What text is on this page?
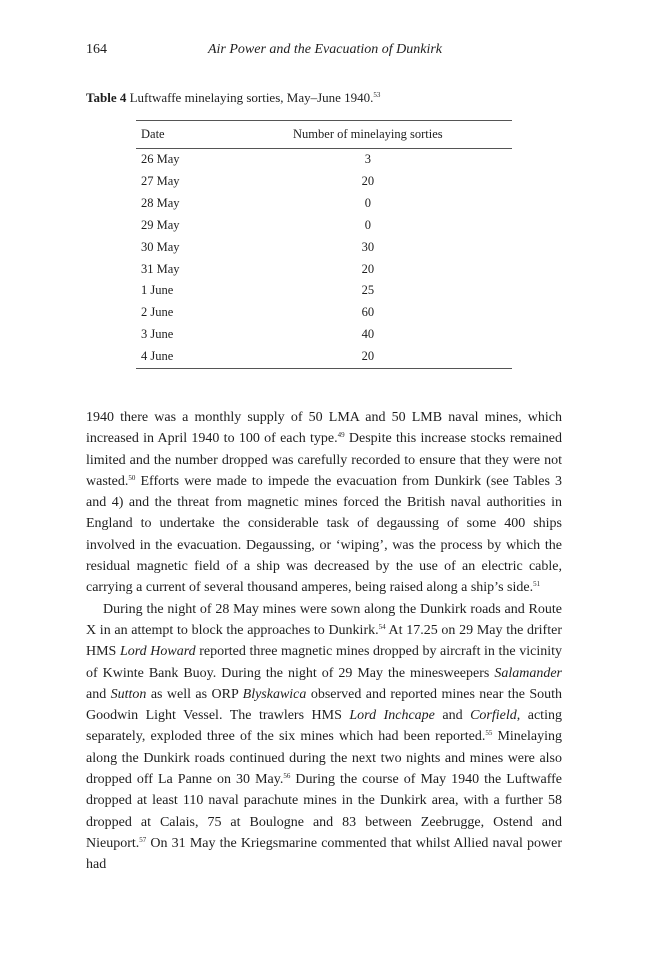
164	Air Power and the Evacuation of Dunkirk
Table 4 Luftwaffe minelaying sorties, May–June 1940.53
Date	Number of minelaying sorties
26 May	3
27 May	20
28 May	0
29 May	0
30 May	30
31 May	20
1 June	25
2 June	60
3 June	40
4 June	20

1940 there was a monthly supply of 50 LMA and 50 LMB naval mines, which increased in April 1940 to 100 of each type.$^{49}$ Despite this increase stocks remained limited and the number dropped was carefully recorded to ensure that they were not wasted.$^{50}$ Efforts were made to impede the evacuation from Dunkirk (see Tables 3 and 4) and the threat from magnetic mines forced the British naval authorities in England to undertake the considerable task of degaussing of some 400 ships involved in the evacuation. Degaussing, or ‘wiping’, was the process by which the residual magnetic field of a ship was decreased by the use of an electric cable, carrying a current of several thousand amperes, being raised along a ship’s side.$^{51}$

During the night of 28 May mines were sown along the Dunkirk roads and Route X in an attempt to block the approaches to Dunkirk.$^{54}$ At 17.25 on 29 May the drifter HMS Lord Howard reported three magnetic mines dropped by aircraft in the vicinity of Kwinte Bank Buoy. During the night of 29 May the minesweepers Salamander and Sutton as well as ORP Blyskawica observed and reported mines near the South Goodwin Light Vessel. The trawlers HMS Lord Inchcape and Corfield, acting separately, exploded three of the six mines which had been reported.$^{55}$ Minelaying along the Dunkirk roads continued during the next two nights and mines were also dropped off La Panne on 30 May.$^{56}$ During the course of May 1940 the Luftwaffe dropped at least 110 naval parachute mines in the Dunkirk area, with a further 58 dropped at Calais, 75 at Boulogne and 83 between Zeebrugge, Ostend and Nieuport.$^{57}$ On 31 May the Kriegsmarine commented that whilst Allied naval power had
